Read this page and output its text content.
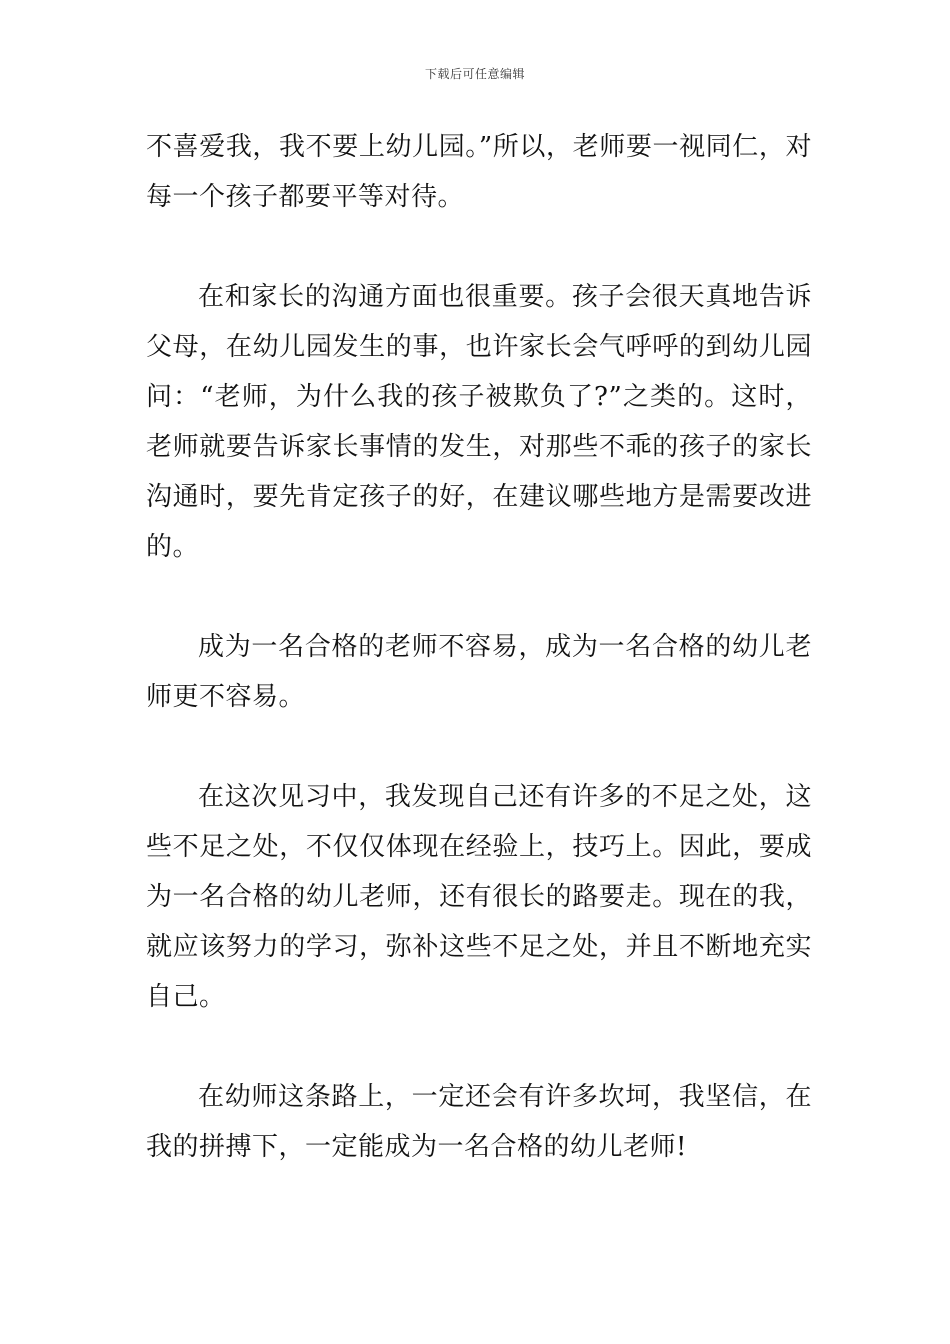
下载后可任意编辑

不喜爱我，我不要上幼儿园。”所以，老师要一视同仁，对每一个孩子都要平等对待。

在和家长的沟通方面也很重要。孩子会很天真地告诉父母，在幼儿园发生的事，也许家长会气呼呼的到幼儿园问：“老师，为什么我的孩子被欺负了?”之类的。这时，老师就要告诉家长事情的发生，对那些不乖的孩子的家长沟通时，要先肯定孩子的好，在建议哪些地方是需要改进的。

成为一名合格的老师不容易，成为一名合格的幼儿老师更不容易。

在这次见习中，我发现自己还有许多的不足之处，这些不足之处，不仅仅体现在经验上，技巧上。因此，要成为一名合格的幼儿老师，还有很长的路要走。现在的我，就应该努力的学习，弥补这些不足之处，并且不断地充实自己。

在幼师这条路上，一定还会有许多坎坷，我坚信，在我的拼搏下，一定能成为一名合格的幼儿老师!
